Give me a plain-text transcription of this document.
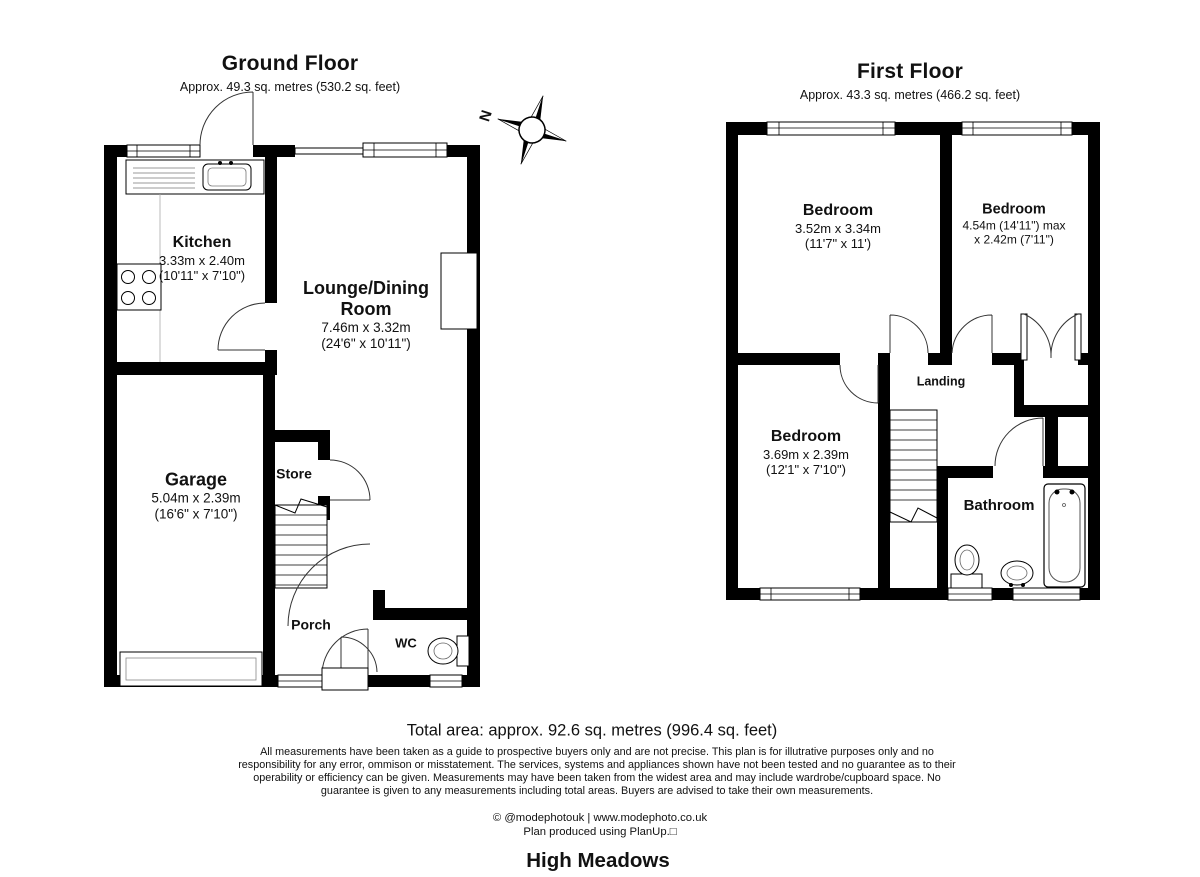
Ground Floor
Approx. 49.3 sq. metres (530.2 sq. feet)
First Floor
Approx. 43.3 sq. metres (466.2 sq. feet)
N
Kitchen
3.33m x 2.40m
(10'11" x 7'10")
Lounge/Dining Room
7.46m x 3.32m
(24'6" x 10'11")
Garage
5.04m x 2.39m
(16'6" x 7'10")
Store
Porch
WC
Bedroom
3.52m x 3.34m
(11'7" x 11')
Bedroom
4.54m (14'11") max
x 2.42m (7'11")
Bedroom
3.69m x 2.39m
(12'1" x 7'10")
Landing
Bathroom
Total area: approx. 92.6 sq. metres (996.4 sq. feet)
All measurements have been taken as a guide to prospective buyers only and are not precise. This plan is for illutrative purposes only and no
responsibility for any error, ommison or misstatement. The services, systems and appliances shown have not been tested and no guarantee as to their
operability or efficiency can be given. Measurements may have been taken from the widest area and may include wardrobe/cupboard space. No
guarantee is given to any measurements including total areas. Buyers are advised to take their own measurements.
© @modephotouk | www.modephoto.co.uk
Plan produced using PlanUp.□
High Meadows
